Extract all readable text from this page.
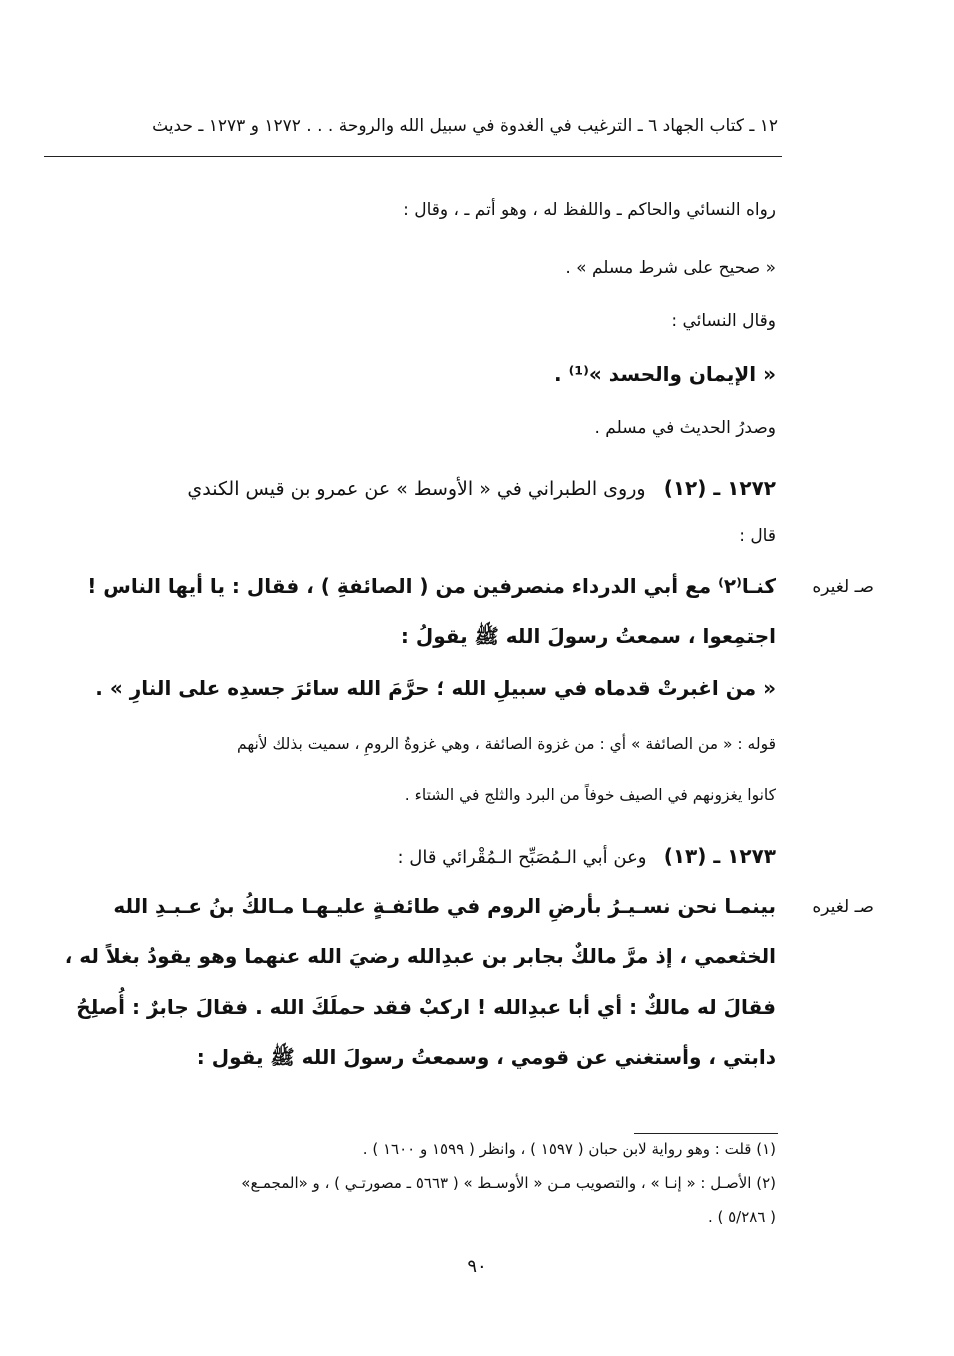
١٢ ـ كتاب الجهاد ٦ ـ الترغيب في الغدوة في سبيل الله والروحة . . . ١٢٧٢ و ١٢٧٣ ـ حديث
رواه النسائي والحاكم ـ واللفظ له ، وهو أتم ـ ، وقال :
« صحيح على شرط مسلم » .
وقال النسائي :
« الإيمان والحسد »⁽¹⁾ .
وصدرُ الحديث في مسلم .
١٢٧٢ ـ (١٢)   وروى الطبراني في « الأوسط » عن عمرو بن قيس الكندي
قال :
صـ لغيره
كنـا⁽٢⁾ مع أبي الدرداء منصرفين من ( الصائفةِ ) ، فقال : يا أيها الناس !
اجتمِعوا ، سمعتُ رسولَ الله ﷺ يقولُ :
« من اغبرتْ قدماه في سبيلِ الله ؛ حرَّمَ الله سائرَ جسدِه على النارِ » .
قوله : « من الصائفة » أي : من غزوة الصائفة ، وهي غزوةُ الرومِ ، سميت بذلك لأنهم
كانوا يغزونهم في الصيف خوفاً من البرد والثلج في الشتاء .
١٢٧٣ ـ (١٣)   وعن أبي الـمُصَبِّح الـمُقْرائي قال :
صـ لغيره
بينمـا نحن نسـيـرُ بأرضِ الروم في طائفـةٍ عليـهـا مـالكُ بنُ عـبـدِ الله
الخثعمي ، إذ مرَّ مالكٌ بجابر بن عبدِالله رضيَ الله عنهما وهو يقودُ بغلاً له ،
فقالَ له مالكٌ : أي أبا عبدِالله ! اركبْ فقد حملَكَ الله . فقالَ جابرٌ : أُصلِحُ
دابتي ، وأستغني عن قومي ، وسمعتُ رسولَ الله ﷺ يقول :
(١) قلت : وهو رواية لابن حبان ( ١٥٩٧ ) ، وانظر ( ١٥٩٩ و ١٦٠٠ ) .
(٢) الأصـل : « إنـا » ، والتصويب مـن « الأوسـط » ( ٥٦٦٣ ـ مصورتـي ) ، و «المجمـع»
( ٥/٢٨٦ ) .
٩٠
